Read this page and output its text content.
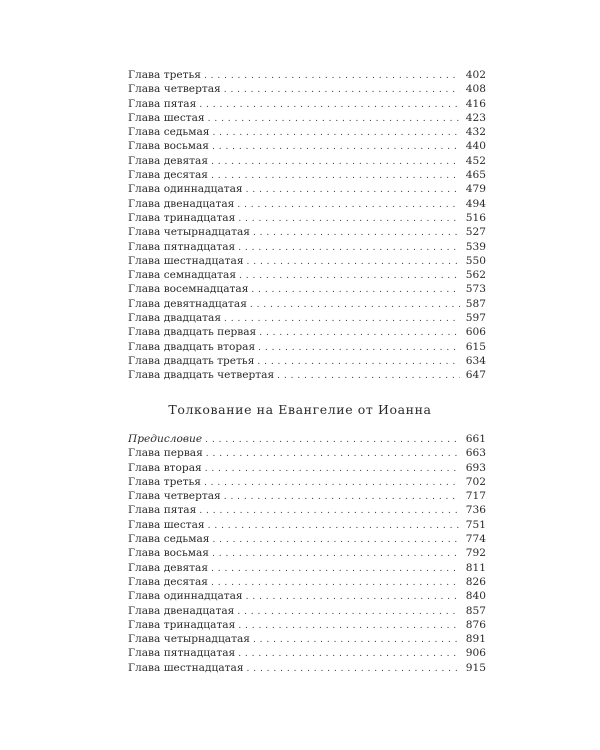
Глава третья . . .	402
Глава четвертая . . .	408
Глава пятая . . .	416
Глава шестая . . .	423
Глава седьмая . . .	432
Глава восьмая . . .	440
Глава девятая . . .	452
Глава десятая . . .	465
Глава одиннадцатая . . .	479
Глава двенадцатая . . .	494
Глава тринадцатая . . .	516
Глава четырнадцатая . . .	527
Глава пятнадцатая . . .	539
Глава шестнадцатая . . .	550
Глава семнадцатая . . .	562
Глава восемнадцатая . . .	573
Глава девятнадцатая . . .	587
Глава двадцатая . . .	597
Глава двадцать первая . . .	606
Глава двадцать вторая . . .	615
Глава двадцать третья . . .	634
Глава двадцать четвертая . . .	647
Толкование на Евангелие от Иоанна
Предисловие . . .	661
Глава первая . . .	663
Глава вторая . . .	693
Глава третья . . .	702
Глава четвертая . . .	717
Глава пятая . . .	736
Глава шестая . . .	751
Глава седьмая . . .	774
Глава восьмая . . .	792
Глава девятая . . .	811
Глава десятая . . .	826
Глава одиннадцатая . . .	840
Глава двенадцатая . . .	857
Глава тринадцатая . . .	876
Глава четырнадцатая . . .	891
Глава пятнадцатая . . .	906
Глава шестнадцатая . . .	915
